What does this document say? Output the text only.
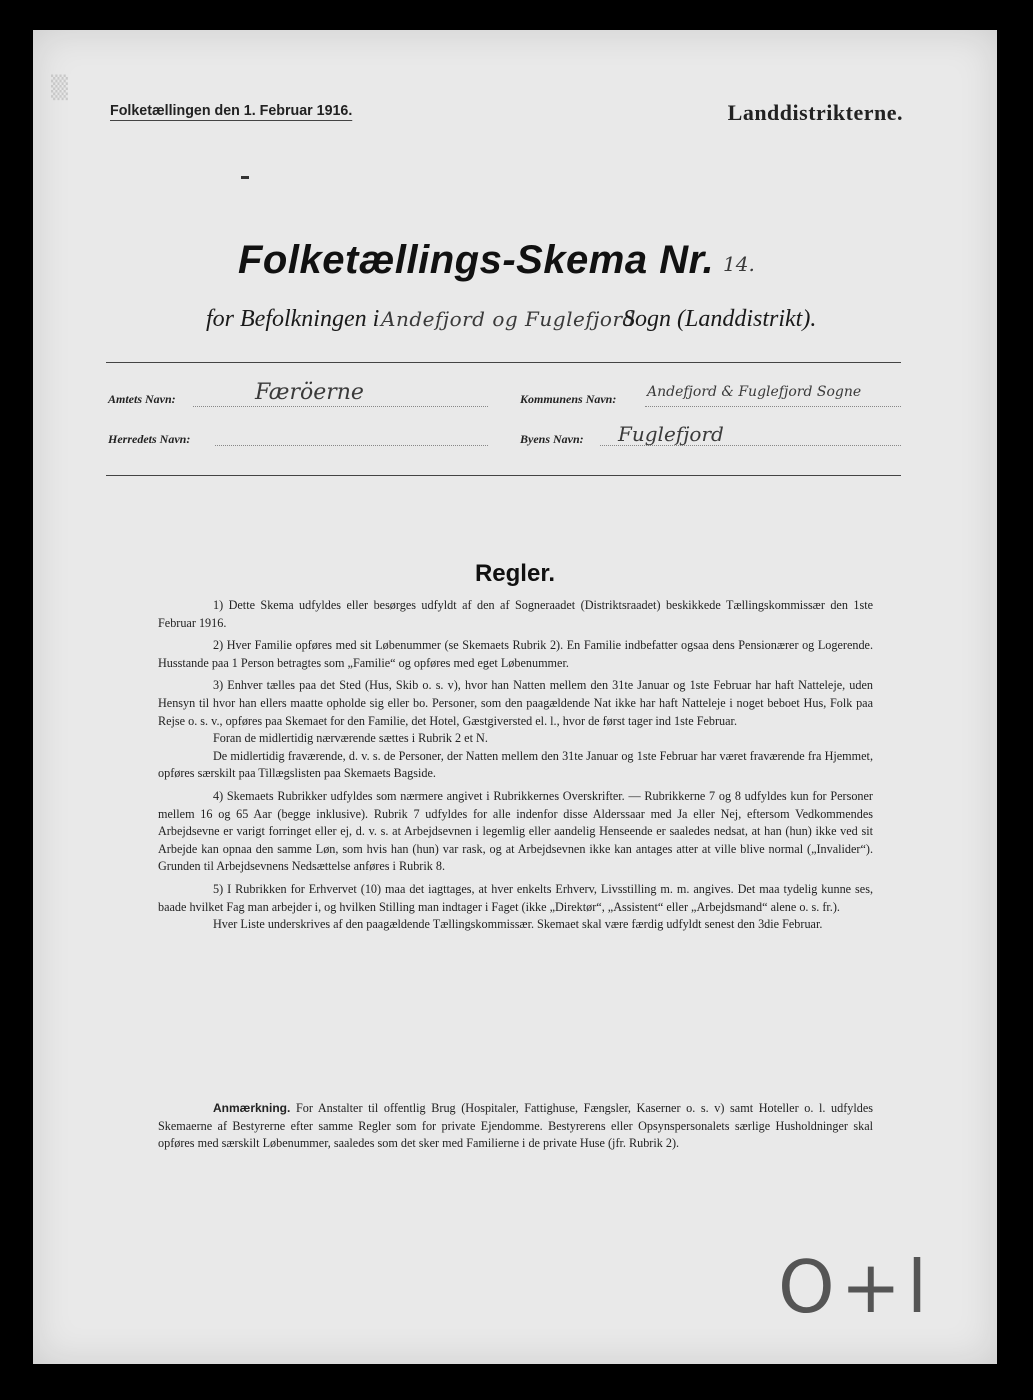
▒
Folketællingen den 1. Februar 1916.	Landdistrikterne.
Folketællings-Skema Nr. 14.
for Befolkningen i Andefjord og Fuglefjord
Sogn (Landdistrikt).
Amtets Navn:	Færöerne	Kommunens Navn: Andefjord & Fuglefjord Sogne
Herredets Navn:	Byens Navn: Fuglefjord
Regler.

1) Dette Skema udfyldes eller besørges udfyldt af den af Sogneraadet (Distriktsraadet) beskikkede Tællingskommissær den 1ste Februar 1916.

2) Hver Familie opføres med sit Løbenummer (se Skemaets Rubrik 2). En Familie indbefatter ogsaa dens Pensionærer og Logerende. Husstande paa 1 Person betragtes som „Familie“ og opføres med eget Løbenummer.

3) Enhver tælles paa det Sted (Hus, Skib o. s. v), hvor han Natten mellem den 31te Januar og 1ste Februar har haft Natteleje, uden Hensyn til hvor han ellers maatte opholde sig eller bo. Personer, som den paagældende Nat ikke har haft Natteleje i noget beboet Hus, Folk paa Rejse o. s. v., opføres paa Skemaet for den Familie, det Hotel, Gæstgiversted el. l., hvor de først tager ind 1ste Februar.

Foran de midlertidig nærværende sættes i Rubrik 2 et N.

De midlertidig fraværende, d. v. s. de Personer, der Natten mellem den 31te Januar og 1ste Februar har været fraværende fra Hjemmet, opføres særskilt paa Tillægslisten paa Skemaets Bagside.

4) Skemaets Rubrikker udfyldes som nærmere angivet i Rubrikkernes Overskrifter. — Rubrikkerne 7 og 8 udfyldes kun for Personer mellem 16 og 65 Aar (begge inklusive). Rubrik 7 udfyldes for alle indenfor disse Alderssaar med Ja eller Nej, eftersom Vedkommendes Arbejdsevne er varigt forringet eller ej, d. v. s. at Arbejdsevnen i legemlig eller aandelig Henseende er saaledes nedsat, at han (hun) ikke ved sit Arbejde kan opnaa den samme Løn, som hvis han (hun) var rask, og at Arbejdsevnen ikke kan antages atter at ville blive normal („Invalider“). Grunden til Arbejdsevnens Nedsættelse anføres i Rubrik 8.

5) I Rubrikken for Erhvervet (10) maa det iagttages, at hver enkelts Erhverv, Livsstilling m. m. angives. Det maa tydelig kunne ses, baade hvilket Fag man arbejder i, og hvilken Stilling man indtager i Faget (ikke „Direktør“, „Assistent“ eller „Arbejdsmand“ alene o. s. fr.).

Hver Liste underskrives af den paagældende Tællingskommissær. Skemaet skal være færdig udfyldt senest den 3die Februar.

Anmærkning. For Anstalter til offentlig Brug (Hospitaler, Fattighuse, Fængsler, Kaserner o. s. v) samt Hoteller o. l. udfyldes Skemaerne af Bestyrerne efter samme Regler som for private Ejendomme. Bestyrerens eller Opsynspersonalets særlige Husholdninger skal opføres med særskilt Løbenummer, saaledes som det sker med Familierne i de private Huse (jfr. Rubrik 2).
O+l
